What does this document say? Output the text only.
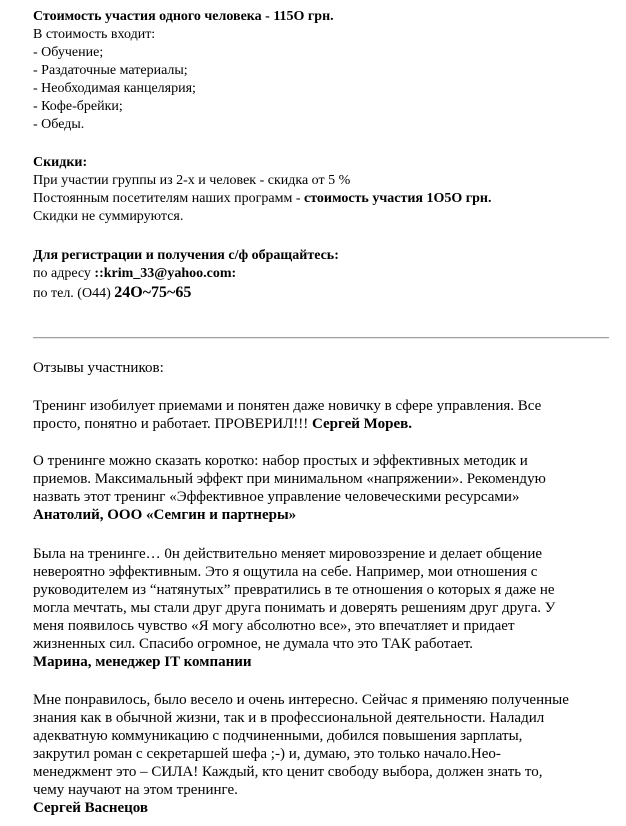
Стоимость участия одного человека - 115О грн.
В стоимость входит:
- Обучение;
- Раздаточные материалы;
- Необходимая канцелярия;
- Кофе-брейки;
- Обеды.
Скидки:
При участии группы из 2-х и человек - скидка от 5 %
Постоянным посетителям наших программ - стоимость участия 1О5О грн.
Скидки не суммируются.
Для регистрации и получения с/ф обращайтесь:
по адресу ::krim_33@yahoo.com:
по тел. (О44) 24О~75~65
Отзывы участников:
Тренинг изобилует приемами и понятен даже новичку в сфере управления. Все
просто, понятно и работает. ПРОВЕРИЛ!!! Сергей Морев.
О тренинге можно сказать коротко: набор простых и эффективных методик и
приемов. Максимальный эффект при минимальном «напряжении». Рекомендую
назвать этот тренинг «Эффективное управление человеческими ресурсами»
Анатолий, ООО «Семгин и партнеры»
Была на тренинге… 0н действительно меняет мировоззрение и делает общение
невероятно эффективным. Это я ощутила на себе. Например, мои отношения с
руководителем из “натянутых” превратились в те отношения о которых я даже не
могла мечтать, мы стали друг друга понимать и доверять решениям друг друга. У
меня появилось чувство «Я могу абсолютно все», это впечатляет и придает
жизненных сил. Спасибо огромное, не думала что это ТАК работает.
Марина, менеджер IT компании
Мне понравилось, было весело и очень интересно. Сейчас я применяю полученные
знания как в обычной жизни, так и в профессиональной деятельности. Наладил
адекватную коммуникацию с подчиненными, добился повышения зарплаты,
закрутил роман с секретаршей шефа ;-) и, думаю, это только начало.Нео-
менеджмент это – СИЛА! Каждый, кто ценит свободу выбора, должен знать то,
чему научают на этом тренинге.
Сергей Васнецов
